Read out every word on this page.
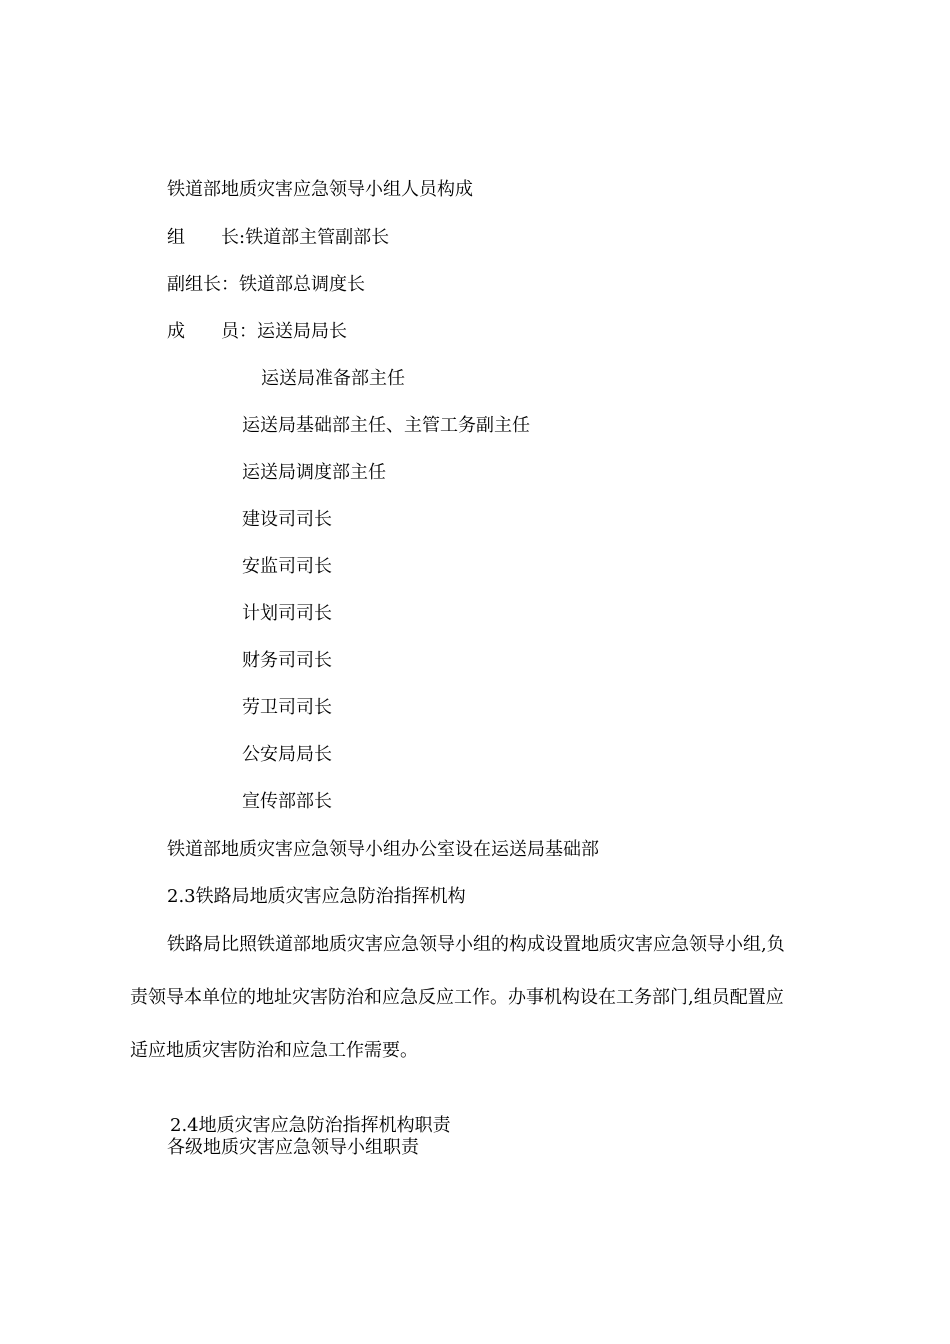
铁道部地质灾害应急领导小组人员构成

组 长:铁道部主管副部长

副组长：铁道部总调度长

成 员：运送局局长

运送局准备部主任

运送局基础部主任、主管工务副主任

运送局调度部主任

建设司司长

安监司司长

计划司司长

财务司司长

劳卫司司长

公安局局长

宣传部部长

铁道部地质灾害应急领导小组办公室设在运送局基础部

2.3铁路局地质灾害应急防治指挥机构

铁路局比照铁道部地质灾害应急领导小组的构成设置地质灾害应急领导小组,负

责领导本单位的地址灾害防治和应急反应工作。办事机构设在工务部门,组员配置应

适应地质灾害防治和应急工作需要。

2.4地质灾害应急防治指挥机构职责

各级地质灾害应急领导小组职责
